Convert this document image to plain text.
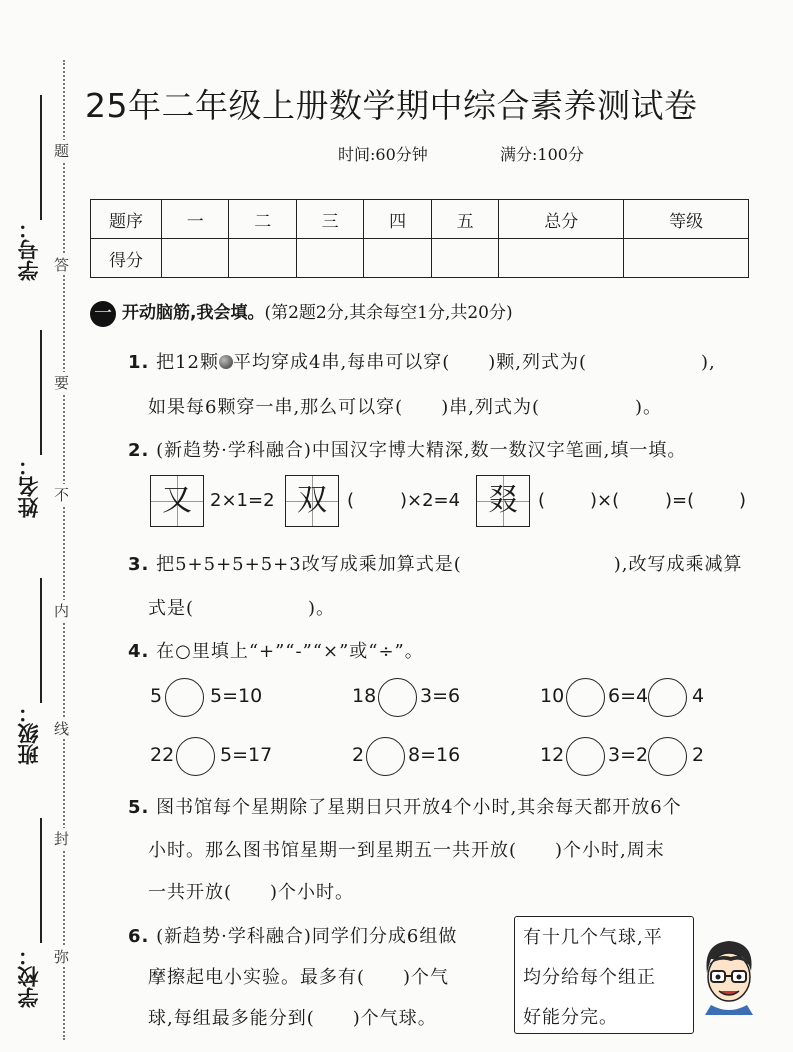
学号：
姓名：
班级：
学校：
题
答
要
不
内
线
封
弥
25年二年级上册数学期中综合素养测试卷
时间:60分钟	满分:100分
题序	一	二	三	四	五	总分	等级
得分							
一 开动脑筋,我会填。(第2题2分,其余每空1分,共20分)
1. 把12颗 平均穿成4串,每串可以穿(　　)颗,列式为(　　　　　　),
如果每6颗穿一串,那么可以穿(　　)串,列式为(　　　　　)。
2. (新趋势·学科融合)中国汉字博大精深,数一数汉字笔画,填一填。
又	2×1=2 双	(	)×2=4 叕	( )×(	)=( )
3. 把5+5+5+5+3改写成乘加算式是(　　　　　　　　),改写成乘减算
式是(　　　　　　)。
4. 在○里填上“+”“-”“×”或“÷”。
5	5=10	18 3=6	10 6=4 4
22 5=17	2 8=16	12 3=2 2
5. 图书馆每个星期除了星期日只开放4个小时,其余每天都开放6个
小时。那么图书馆星期一到星期五一共开放(　　)个小时,周末
一共开放(　　)个小时。
6. (新趋势·学科融合)同学们分成6组做
摩擦起电小实验。最多有(　　)个气
球,每组最多能分到(　　)个气球。
有十几个气球,平
均分给每个组正
好能分完。
